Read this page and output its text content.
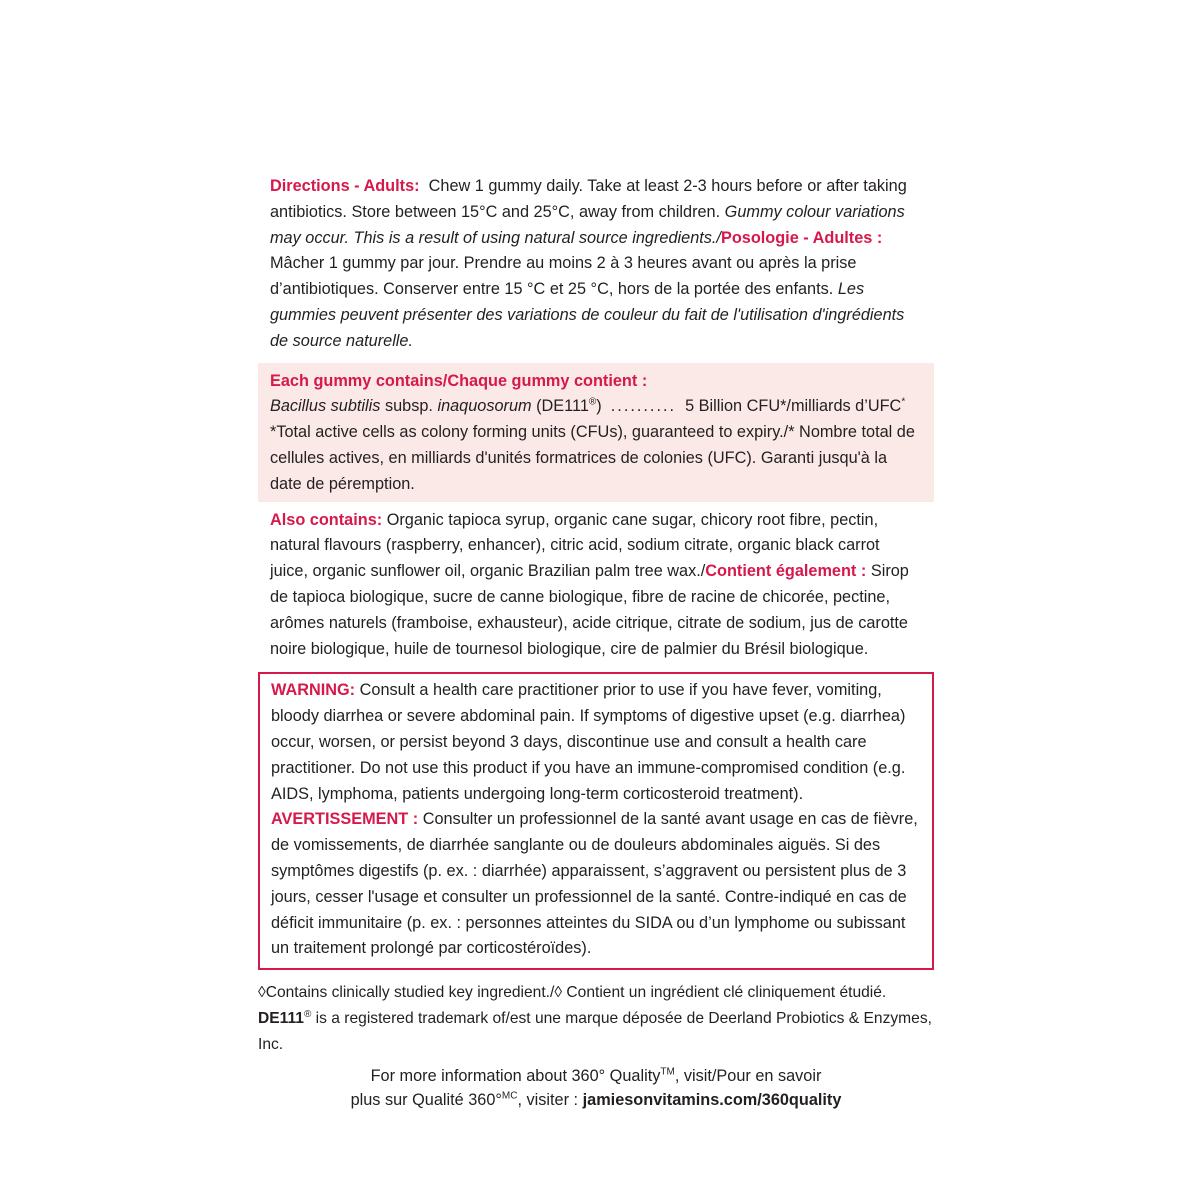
Directions - Adults: Chew 1 gummy daily. Take at least 2-3 hours before or after taking antibiotics. Store between 15°C and 25°C, away from children. Gummy colour variations may occur. This is a result of using natural source ingredients./Posologie - Adultes : Mâcher 1 gummy par jour. Prendre au moins 2 à 3 heures avant ou après la prise d’antibiotiques. Conserver entre 15 °C et 25 °C, hors de la portée des enfants. Les gummies peuvent présenter des variations de couleur du fait de l'utilisation d'ingrédients de source naturelle.
Each gummy contains/Chaque gummy contient :
Bacillus subtilis subsp. inaquosorum (DE111®) .......... 5 Billion CFU*/milliards d’UFC*
*Total active cells as colony forming units (CFUs), guaranteed to expiry./* Nombre total de cellules actives, en milliards d'unités formatrices de colonies (UFC). Garanti jusqu'à la date de péremption.
Also contains: Organic tapioca syrup, organic cane sugar, chicory root fibre, pectin, natural flavours (raspberry, enhancer), citric acid, sodium citrate, organic black carrot juice, organic sunflower oil, organic Brazilian palm tree wax./Contient également : Sirop de tapioca biologique, sucre de canne biologique, fibre de racine de chicorée, pectine, arômes naturels (framboise, exhausteur), acide citrique, citrate de sodium, jus de carotte noire biologique, huile de tournesol biologique, cire de palmier du Brésil biologique.
WARNING: Consult a health care practitioner prior to use if you have fever, vomiting, bloody diarrhea or severe abdominal pain. If symptoms of digestive upset (e.g. diarrhea) occur, worsen, or persist beyond 3 days, discontinue use and consult a health care practitioner. Do not use this product if you have an immune-compromised condition (e.g. AIDS, lymphoma, patients undergoing long-term corticosteroid treatment).
AVERTISSEMENT : Consulter un professionnel de la santé avant usage en cas de fièvre, de vomissements, de diarrhée sanglante ou de douleurs abdominales aiguës. Si des symptômes digestifs (p. ex. : diarrhée) apparaissent, s’aggravent ou persistent plus de 3 jours, cesser l'usage et consulter un professionnel de la santé. Contre-indiqué en cas de déficit immunitaire (p. ex. : personnes atteintes du SIDA ou d’un lymphome ou subissant un traitement prolongé par corticostéroïdes).
◊Contains clinically studied key ingredient./◊ Contient un ingrédient clé cliniquement étudié.
DE111® is a registered trademark of/est une marque déposée de Deerland Probiotics & Enzymes, Inc.
For more information about 360° Quality™, visit/Pour en savoir
plus sur Qualité 360°$^{MC}$, visiter : jamiesonvitamins.com/360quality
